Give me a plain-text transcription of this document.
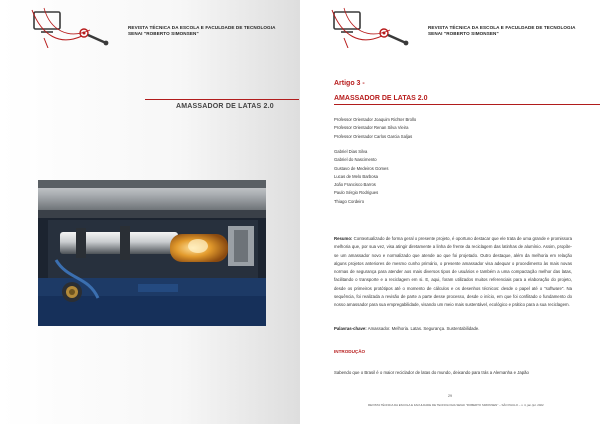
REVISTA TÉCNICA DA ESCOLA E FACULDADE DE TECNOLOGIA
SENAI "ROBERTO SIMONSEN"
AMASSADOR DE LATAS 2.0
REVISTA TÉCNICA DA ESCOLA E FACULDADE DE TECNOLOGIA
SENAI "ROBERTO SIMONSEN"
Artigo 3 -
AMASSADOR DE LATAS 2.0
Professor Orientador Joaquim Richter Brollo
Professor Orientador Renan Silva Vieira
Professor Orientador Carlos Garcia Saljas
Gabriel Dias Silva
Gabriel do Nascimento
Gustavo de Medeiros Gomes
Lucas de Melo Barbosa
João Francisco Barros
Paulo Sérgio Rodrigues
Thiago Cordeiro
Resumo: Contextualizado de forma geral o presente projeto, é oportuno destacar que ele trata de uma grande e promissora melhoria que, por sua vez, visa atingir diretamente a linha de frente da reciclagem das latinhas de alumínio. Assim, propõe-se um amassador novo e normalizado que atende ao que foi projetado. Outro destaque, além da melhoria em relação alguns projetos anteriores de mesmo cunho primário, o presente amassador visa adequar o procedimento às mais novas normas de segurança para atender aos mais diversos tipos de usuários e também a uma compactação melhor das latas, facilitando o transporte e a reciclagem em si. E, aqui, foram utilizados muitos referenciais para a elaboração do projeto, desde os primeiros protótipos até o momento de cálculos e os desenhos técnicos: desde o papel até o "software". Na sequência, foi realizada a revisão de parte a parte desse processo, desde o início, em que foi confiitado o fundamento do nosso amassador para sua empregabilidade, visando um meio mais sustentável, ecológico e prático para a sua reciclagem.
Palavras-chave: Amassador. Melhoria. Latas. Segurança. Sustentabilidade.
INTRODUÇÃO
Sabendo que o Brasil é o maior reciclador de latas do mundo, deixando para trás a Alemanha e Japão
29
REVISTA TÉCNICA DA ESCOLA E FACULDADE DE TECNOLOGIA SENAI "ROBERTO SIMONSEN" – SÃO PAULO – v. 4, jan./jul. 2022
